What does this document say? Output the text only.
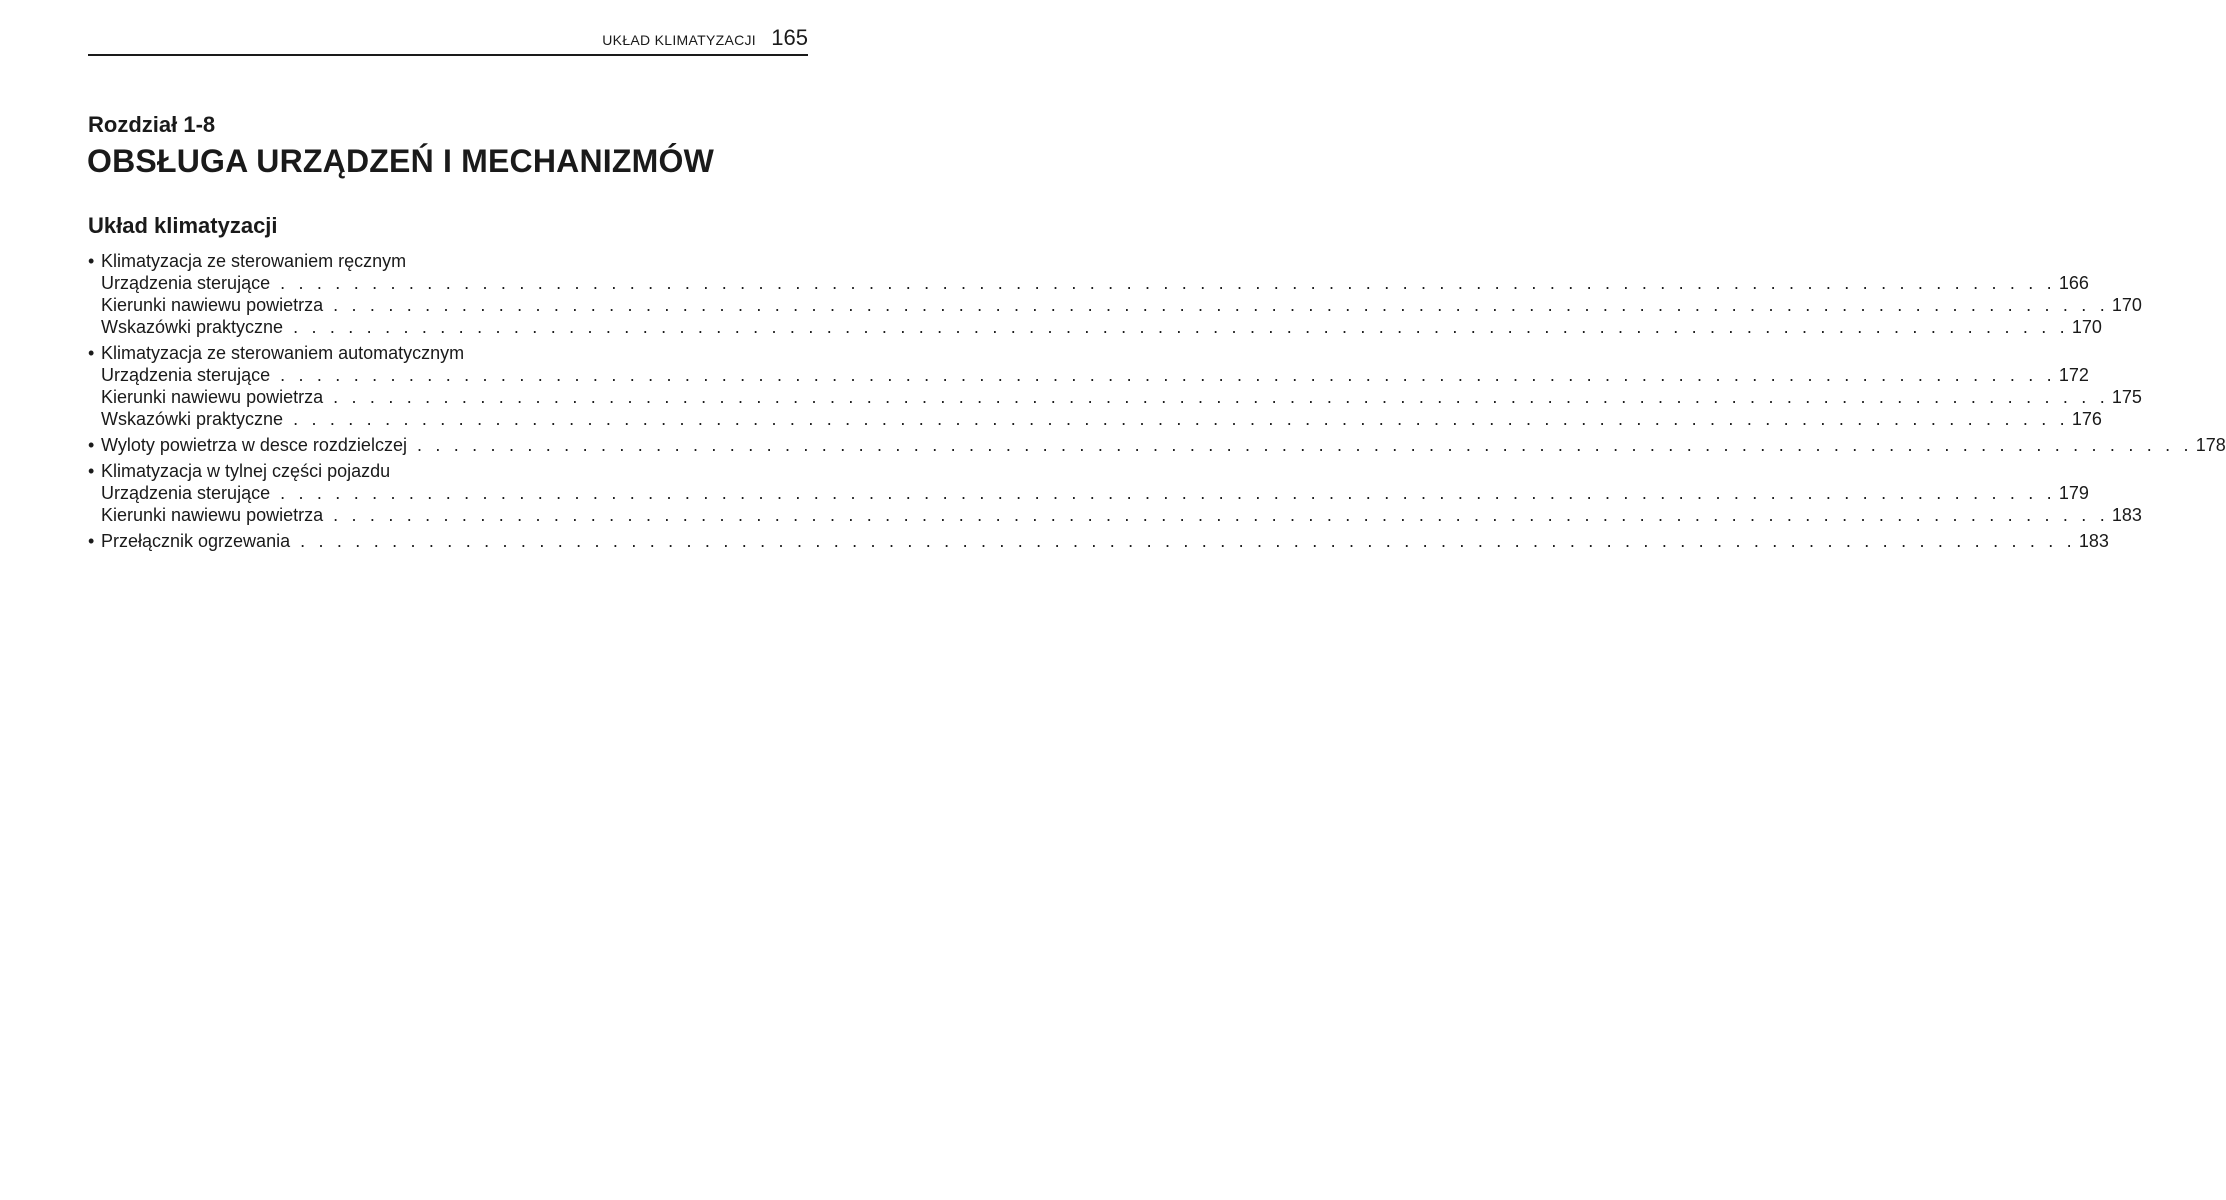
UKŁAD KLIMATYZACJI 165
Rozdział 1-8
OBSŁUGA URZĄDZEŃ I MECHANIZMÓW
Układ klimatyzacji
• Klimatyzacja ze sterowaniem ręcznym
Urządzenia sterujące . . . . . . . . . . . . . . . . . . . . . . . . . . . . . . . . . . . . . . . . . . . . . . . . . . . . . . . . . . . . . . . . . . . . . . . . . . . . . . . . . . . . . . . . . . . . . . . . . 166
Kierunki nawiewu powietrza . . . . . . . . . . . . . . . . . . . . . . . . . . . . . . . . . . . . . . . . . . . . . . . . . . . . . . . . . . . . . . . . . . . . . . . . . . . . . . . . . . . . . . . . . . . . . . . . . 170
Wskazówki praktyczne . . . . . . . . . . . . . . . . . . . . . . . . . . . . . . . . . . . . . . . . . . . . . . . . . . . . . . . . . . . . . . . . . . . . . . . . . . . . . . . . . . . . . . . . . . . . . . . . . 170
• Klimatyzacja ze sterowaniem automatycznym
Urządzenia sterujące . . . . . . . . . . . . . . . . . . . . . . . . . . . . . . . . . . . . . . . . . . . . . . . . . . . . . . . . . . . . . . . . . . . . . . . . . . . . . . . . . . . . . . . . . . . . . . . . . 172
Kierunki nawiewu powietrza . . . . . . . . . . . . . . . . . . . . . . . . . . . . . . . . . . . . . . . . . . . . . . . . . . . . . . . . . . . . . . . . . . . . . . . . . . . . . . . . . . . . . . . . . . . . . . . . . 175
Wskazówki praktyczne . . . . . . . . . . . . . . . . . . . . . . . . . . . . . . . . . . . . . . . . . . . . . . . . . . . . . . . . . . . . . . . . . . . . . . . . . . . . . . . . . . . . . . . . . . . . . . . . . 176
• Wyloty powietrza w desce rozdzielczej . . . . . . . . . . . . . . . . . . . . . . . . . . . . . . . . . . . . . . . . . . . . . . . . . . . . . . . . . . . . . . . . . . . . . . . . . . . . . . . . . . . . . . . . . . . . . . . . . 178
• Klimatyzacja w tylnej części pojazdu
Urządzenia sterujące . . . . . . . . . . . . . . . . . . . . . . . . . . . . . . . . . . . . . . . . . . . . . . . . . . . . . . . . . . . . . . . . . . . . . . . . . . . . . . . . . . . . . . . . . . . . . . . . . 179
Kierunki nawiewu powietrza . . . . . . . . . . . . . . . . . . . . . . . . . . . . . . . . . . . . . . . . . . . . . . . . . . . . . . . . . . . . . . . . . . . . . . . . . . . . . . . . . . . . . . . . . . . . . . . . . 183
• Przełącznik ogrzewania . . . . . . . . . . . . . . . . . . . . . . . . . . . . . . . . . . . . . . . . . . . . . . . . . . . . . . . . . . . . . . . . . . . . . . . . . . . . . . . . . . . . . . . . . . . . . . . . . 183
